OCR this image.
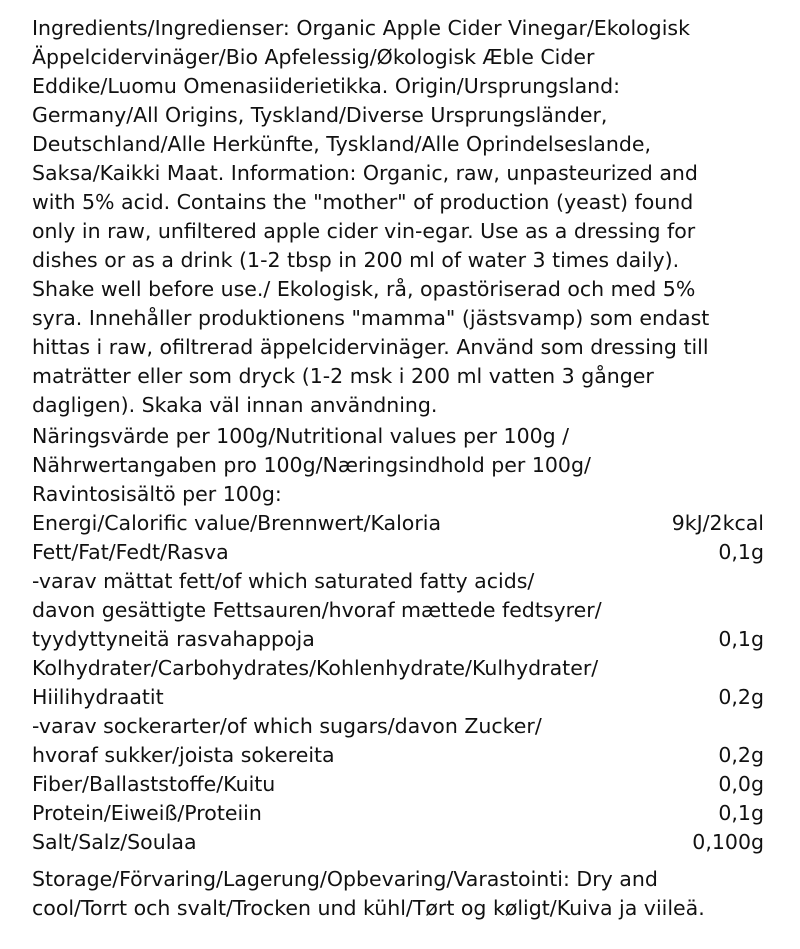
Ingredients/Ingredienser: Organic Apple Cider Vinegar/Ekologisk
Äppelcidervinäger/Bio Apfelessig/Økologisk Æble Cider
Eddike/Luomu Omenasiiderietikka. Origin/Ursprungsland:
Germany/All Origins, Tyskland/Diverse Ursprungsländer,
Deutschland/Alle Herkünfte, Tyskland/Alle Oprindelseslande,
Saksa/Kaikki Maat. Information: Organic, raw, unpasteurized and
with 5% acid. Contains the "mother" of production (yeast) found
only in raw, unfiltered apple cider vin-egar. Use as a dressing for
dishes or as a drink (1-2 tbsp in 200 ml of water 3 times daily).
Shake well before use./ Ekologisk, rå, opastöriserad och med 5%
syra. Innehåller produktionens "mamma" (jästsvamp) som endast
hittas i raw, ofiltrerad äppelcidervinäger. Använd som dressing till
maträtter eller som dryck (1-2 msk i 200 ml vatten 3 gånger
dagligen). Skaka väl innan användning.
Näringsvärde per 100g/Nutritional values per 100g /
Nährwertangaben pro 100g/Næringsindhold per 100g/
Ravintosisältö per 100g:
Energi/Calorific value/Brennwert/Kaloria	9kJ/2kcal
Fett/Fat/Fedt/Rasva	0,1g
-varav mättat fett/of which saturated fatty acids/
davon gesättigte Fettsauren/hvoraf mættede fedtsyrer/
tyydyttyneitä rasvahappoja	0,1g
Kolhydrater/Carbohydrates/Kohlenhydrate/Kulhydrater/
Hiilihydraatit	0,2g
-varav sockerarter/of which sugars/davon Zucker/
hvoraf sukker/joista sokereita	0,2g
Fiber/Ballaststoffe/Kuitu	0,0g
Protein/Eiweiß/Proteiin	0,1g
Salt/Salz/Soulaa	0,100g
Storage/Förvaring/Lagerung/Opbevaring/Varastointi: Dry and
cool/Torrt och svalt/Trocken und kühl/Tørt og køligt/Kuiva ja viileä.
